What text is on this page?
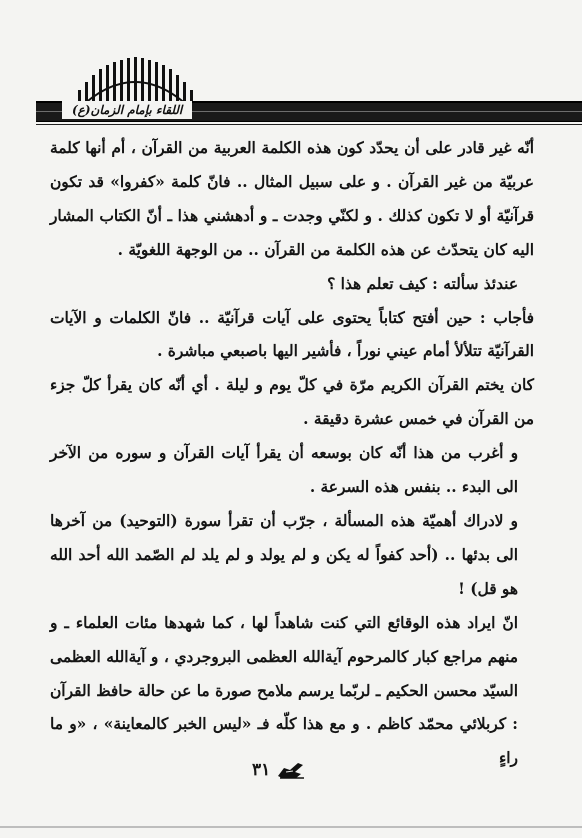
اللقاء بإمام الزمان(ع)

أنّه غير قادر على أن يحدّد كون هذه الكلمة العربية من القرآن ، أم أنها كلمة عربيّة من غير القرآن . و على سبيل المثال .. فانّ كلمة «كفروا» قد تكون قرآنيّة أو لا تكون كذلك . و لكنّي وجدت ـ و أدهشني هذا ـ أنّ الكتاب المشار اليه كان يتحدّث عن هذه الكلمة من القرآن .. من الوجهة اللغويّة .

عندئذ سألته : كيف تعلم هذا ؟

فأجاب : حين أفتح كتاباً يحتوى على آيات قرآنيّة .. فانّ الكلمات و الآيات القرآنيّة تتلألأ أمام عيني نوراً ، فأشير اليها باصبعي مباشرة .

كان يختم القرآن الكريم مرّة في كلّ يوم و ليلة . أي أنّه كان يقرأ كلّ جزء من القرآن في خمس عشرة دقيقة .

و أغرب من هذا أنّه كان بوسعه أن يقرأ آيات القرآن و سوره من الآخر الى البدء .. بنفس هذه السرعة .

و لادراك أهميّة هذه المسألة ، جرّب أن تقرأ سورة (التوحيد) من آخرها الى بدئها .. (أحد كفواً له يكن و لم يولد و لم يلد لم الصّمد الله أحد الله هو قل) !

انّ ايراد هذه الوقائع التي كنت شاهداً لها ، كما شهدها مئات العلماء ـ و منهم مراجع كبار كالمرحوم آية‌الله العظمى البروجردي ، و آية‌الله العظمى السيّد محسن الحكيم ـ لربّما يرسم ملامح صورة ما عن حالة حافظ القرآن : كربلائي محمّد كاظم . و مع هذا كلّه فـ «ليس الخبر كالمعاينة» ، «و ما راءٍ

٣١
